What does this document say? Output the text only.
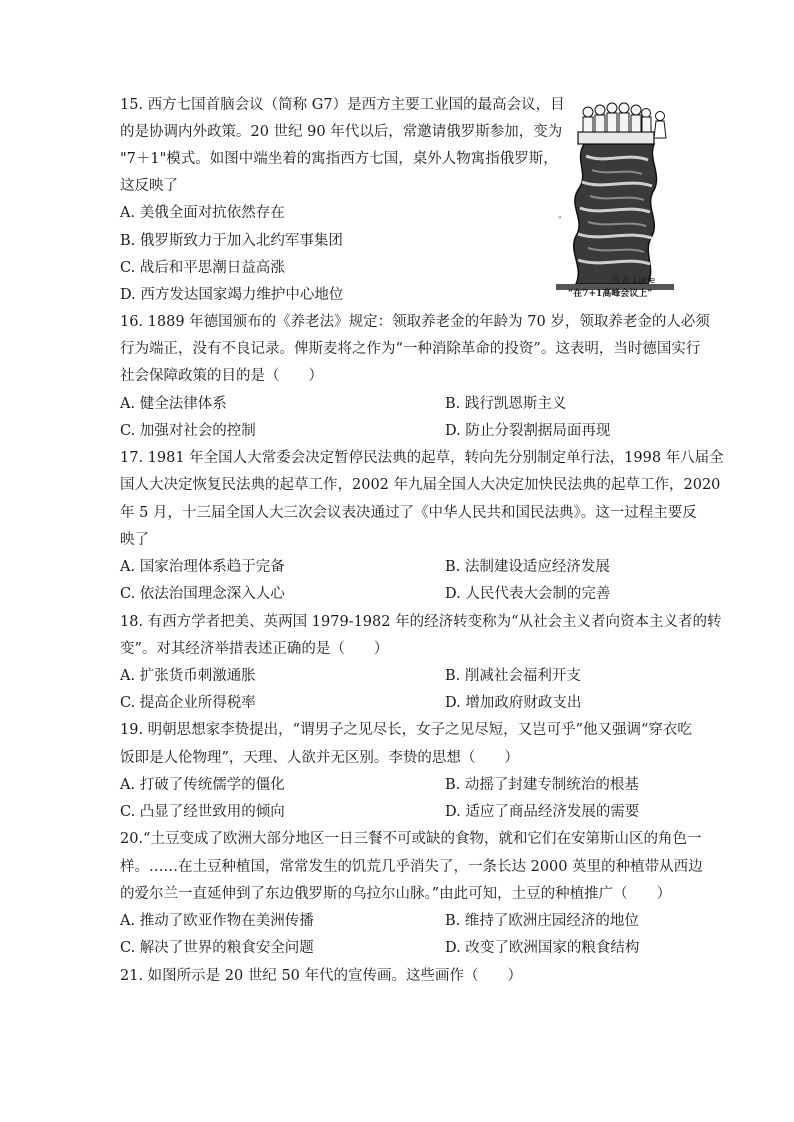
15. 西方七国首脑会议（简称 G7）是西方主要工业国的最高会议，目
的是协调内外政策。20 世纪 90 年代以后，常邀请俄罗斯参加，变为
"7＋1"模式。如图中端坐着的寓指西方七国，桌外人物寓指俄罗斯，
这反映了
A. 美俄全面对抗依然存在
B. 俄罗斯致力于加入北约军事集团
C. 战后和平思潮日益高涨
D. 西方发达国家竭力维护中心地位
ᵓ
作者 Lurie
“在7+1高峰会议上”
16. 1889 年德国颁布的《养老法》规定：领取养老金的年龄为 70 岁，领取养老金的人必须
行为端正，没有不良记录。俾斯麦将之作为“一种消除革命的投资”。这表明，当时德国实行
社会保障政策的目的是（　　）
A. 健全法律体系	B. 践行凯恩斯主义
C. 加强对社会的控制	D. 防止分裂割据局面再现
17. 1981 年全国人大常委会决定暂停民法典的起草，转向先分别制定单行法，1998 年八届全
国人大决定恢复民法典的起草工作，2002 年九届全国人大决定加快民法典的起草工作，2020
年 5 月，十三届全国人大三次会议表决通过了《中华人民共和国民法典》。这一过程主要反
映了
A. 国家治理体系趋于完备	B. 法制建设适应经济发展
C. 依法治国理念深入人心	D. 人民代表大会制的完善
18. 有西方学者把美、英两国 1979-1982 年的经济转变称为“从社会主义者向资本主义者的转
变”。对其经济举措表述正确的是（　　）
A. 扩张货币刺激通胀	B. 削减社会福利开支
C. 提高企业所得税率	D. 增加政府财政支出
19. 明朝思想家李贽提出，“谓男子之见尽长，女子之见尽短，又岂可乎”他又强调“穿衣吃
饭即是人伦物理”，天理、人欲并无区别。李贽的思想（　　）
A. 打破了传统儒学的僵化	B. 动摇了封建专制统治的根基
C. 凸显了经世致用的倾向	D. 适应了商品经济发展的需要
20.“土豆变成了欧洲大部分地区一日三餐不可或缺的食物，就和它们在安第斯山区的角色一
样。……在土豆种植国，常常发生的饥荒几乎消失了，一条长达 2000 英里的种植带从西边
的爱尔兰一直延伸到了东边俄罗斯的乌拉尔山脉。”由此可知，土豆的种植推广（　　）
A. 推动了欧亚作物在美洲传播	B. 维持了欧洲庄园经济的地位
C. 解决了世界的粮食安全问题	D. 改变了欧洲国家的粮食结构
21. 如图所示是 20 世纪 50 年代的宣传画。这些画作（　　）
